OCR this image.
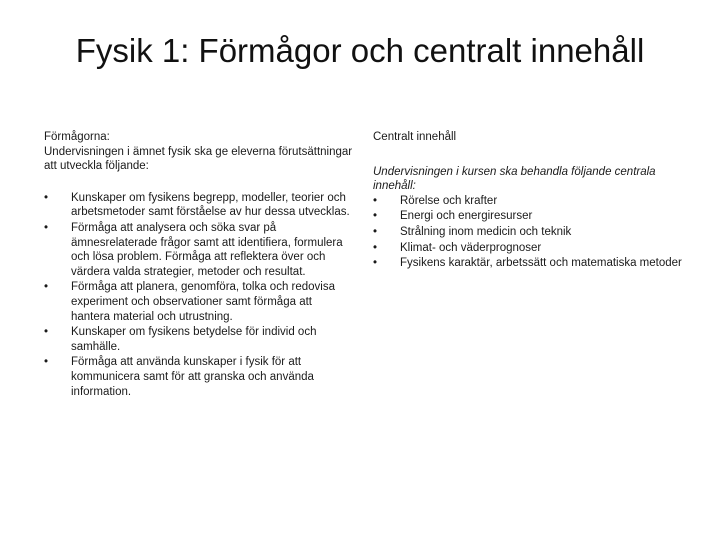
Fysik 1: Förmågor och centralt innehåll
Förmågorna:
Undervisningen i ämnet fysik ska ge eleverna förutsättningar att utveckla följande:
• Kunskaper om fysikens begrepp, modeller, teorier och arbetsmetoder samt förståelse av hur dessa utvecklas.
• Förmåga att analysera och söka svar på ämnesrelaterade frågor samt att identifiera, formulera och lösa problem. Förmåga att reflektera över och värdera valda strategier, metoder och resultat.
• Förmåga att planera, genomföra, tolka och redovisa experiment och observationer samt förmåga att hantera material och utrustning.
• Kunskaper om fysikens betydelse för individ och samhälle.
• Förmåga att använda kunskaper i fysik för att kommunicera samt för att granska och använda information.

Centralt innehåll

Undervisningen i kursen ska behandla följande centrala innehåll:

• Rörelse och krafter
• Energi och energiresurser
• Strålning inom medicin och teknik
• Klimat- och väderprognoser
• Fysikens karaktär, arbetssätt och matematiska metoder
